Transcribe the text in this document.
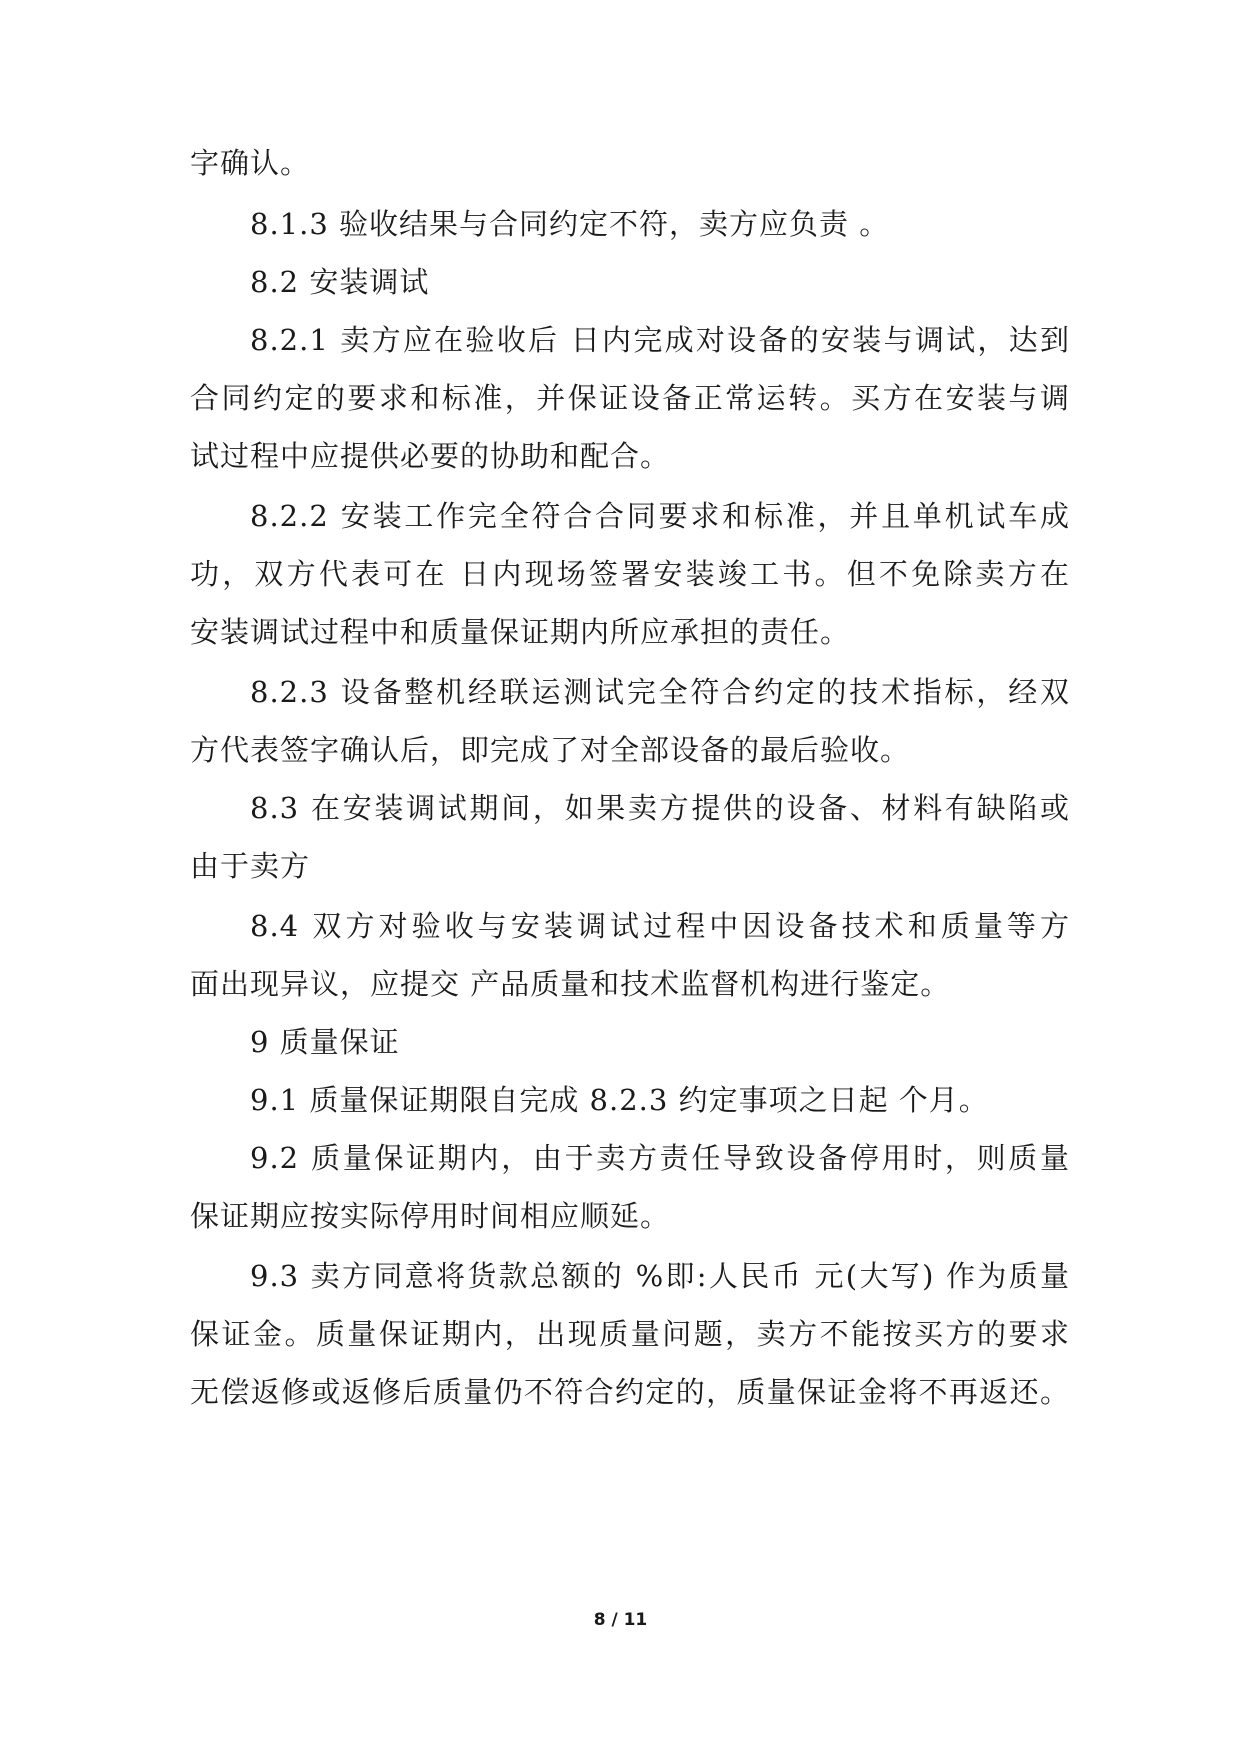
字确认。
8.1.3 验收结果与合同约定不符，卖方应负责 。
8.2 安装调试
8.2.1 卖方应在验收后 日内完成对设备的安装与调试，达到
合同约定的要求和标准，并保证设备正常运转。买方在安装与调
试过程中应提供必要的协助和配合。
8.2.2 安装工作完全符合合同要求和标准，并且单机试车成
功，双方代表可在 日内现场签署安装竣工书。但不免除卖方在
安装调试过程中和质量保证期内所应承担的责任。
8.2.3 设备整机经联运测试完全符合约定的技术指标，经双
方代表签字确认后，即完成了对全部设备的最后验收。
8.3 在安装调试期间，如果卖方提供的设备、材料有缺陷或
由于卖方
8.4 双方对验收与安装调试过程中因设备技术和质量等方
面出现异议，应提交 产品质量和技术监督机构进行鉴定。
9 质量保证
9.1 质量保证期限自完成 8.2.3 约定事项之日起 个月。
9.2 质量保证期内，由于卖方责任导致设备停用时，则质量
保证期应按实际停用时间相应顺延。
9.3 卖方同意将货款总额的 %即:人民币 元(大写) 作为质量
保证金。质量保证期内，出现质量问题，卖方不能按买方的要求
无偿返修或返修后质量仍不符合约定的，质量保证金将不再返还。
8 / 11
